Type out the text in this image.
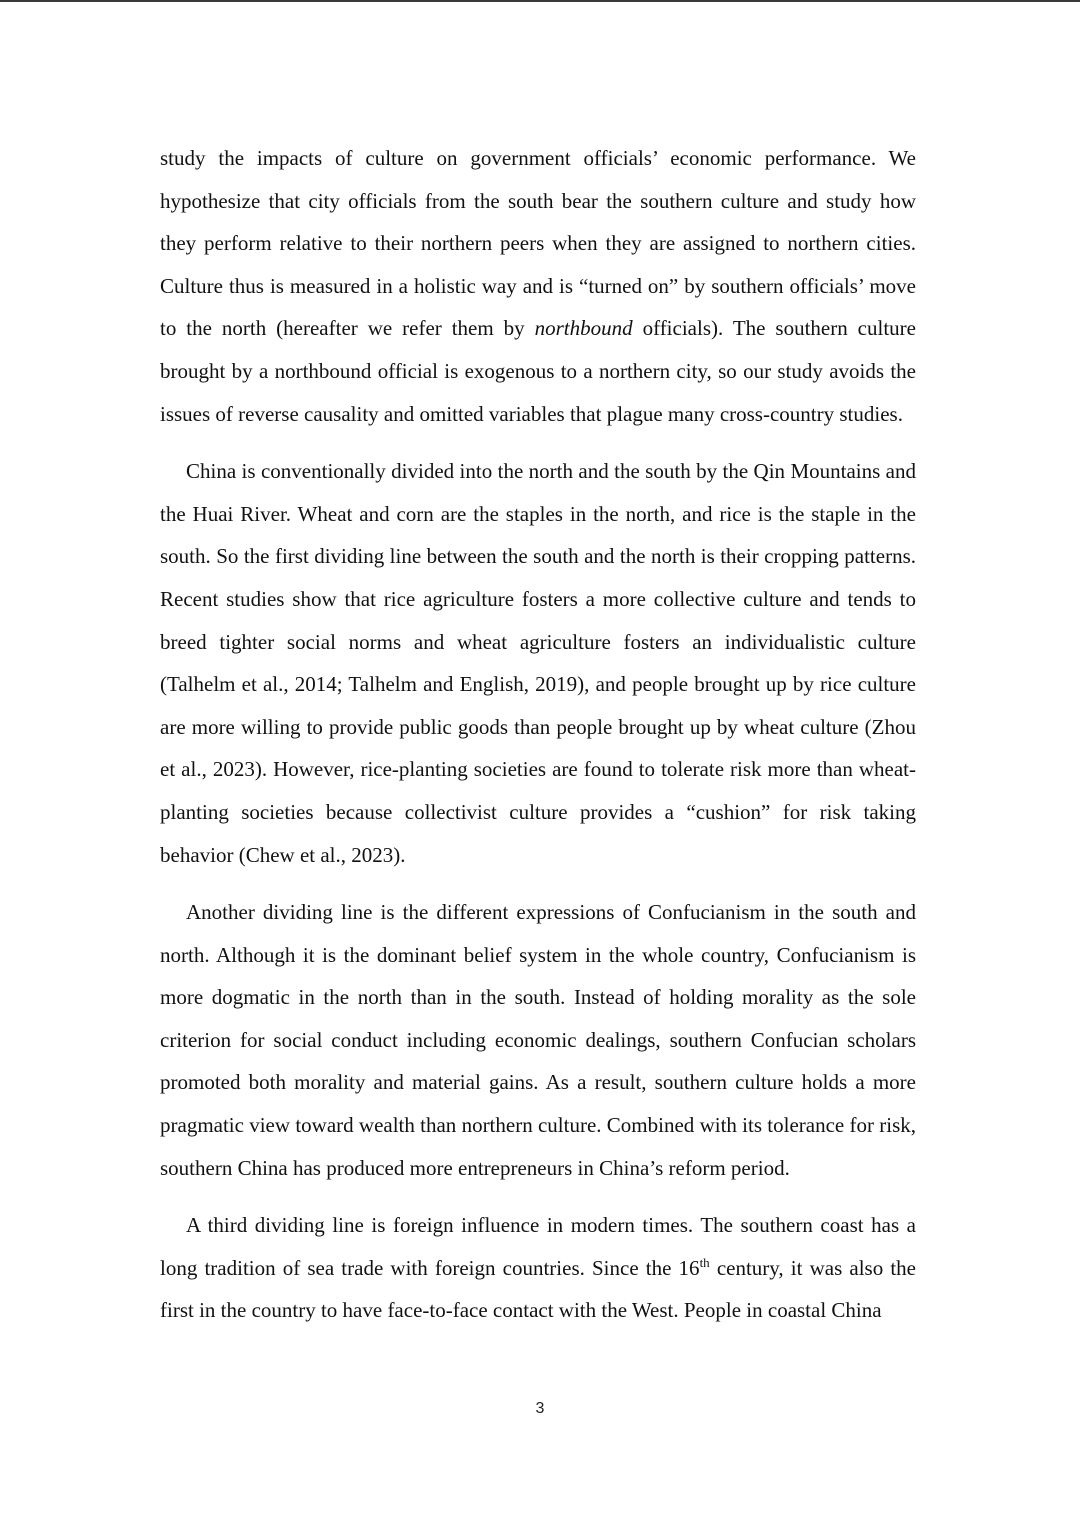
study the impacts of culture on government officials’ economic performance. We hypothesize that city officials from the south bear the southern culture and study how they perform relative to their northern peers when they are assigned to northern cities. Culture thus is measured in a holistic way and is “turned on” by southern officials’ move to the north (hereafter we refer them by northbound officials). The southern culture brought by a northbound official is exogenous to a northern city, so our study avoids the issues of reverse causality and omitted variables that plague many cross-country studies.

China is conventionally divided into the north and the south by the Qin Mountains and the Huai River. Wheat and corn are the staples in the north, and rice is the staple in the south. So the first dividing line between the south and the north is their cropping patterns. Recent studies show that rice agriculture fosters a more collective culture and tends to breed tighter social norms and wheat agriculture fosters an individualistic culture (Talhelm et al., 2014; Talhelm and English, 2019), and people brought up by rice culture are more willing to provide public goods than people brought up by wheat culture (Zhou et al., 2023). However, rice-planting societies are found to tolerate risk more than wheat-planting societies because collectivist culture provides a “cushion” for risk taking behavior (Chew et al., 2023).

Another dividing line is the different expressions of Confucianism in the south and north. Although it is the dominant belief system in the whole country, Confucianism is more dogmatic in the north than in the south. Instead of holding morality as the sole criterion for social conduct including economic dealings, southern Confucian scholars promoted both morality and material gains. As a result, southern culture holds a more pragmatic view toward wealth than northern culture. Combined with its tolerance for risk, southern China has produced more entrepreneurs in China’s reform period.

A third dividing line is foreign influence in modern times. The southern coast has a long tradition of sea trade with foreign countries. Since the 16th century, it was also the first in the country to have face-to-face contact with the West. People in coastal China

3
